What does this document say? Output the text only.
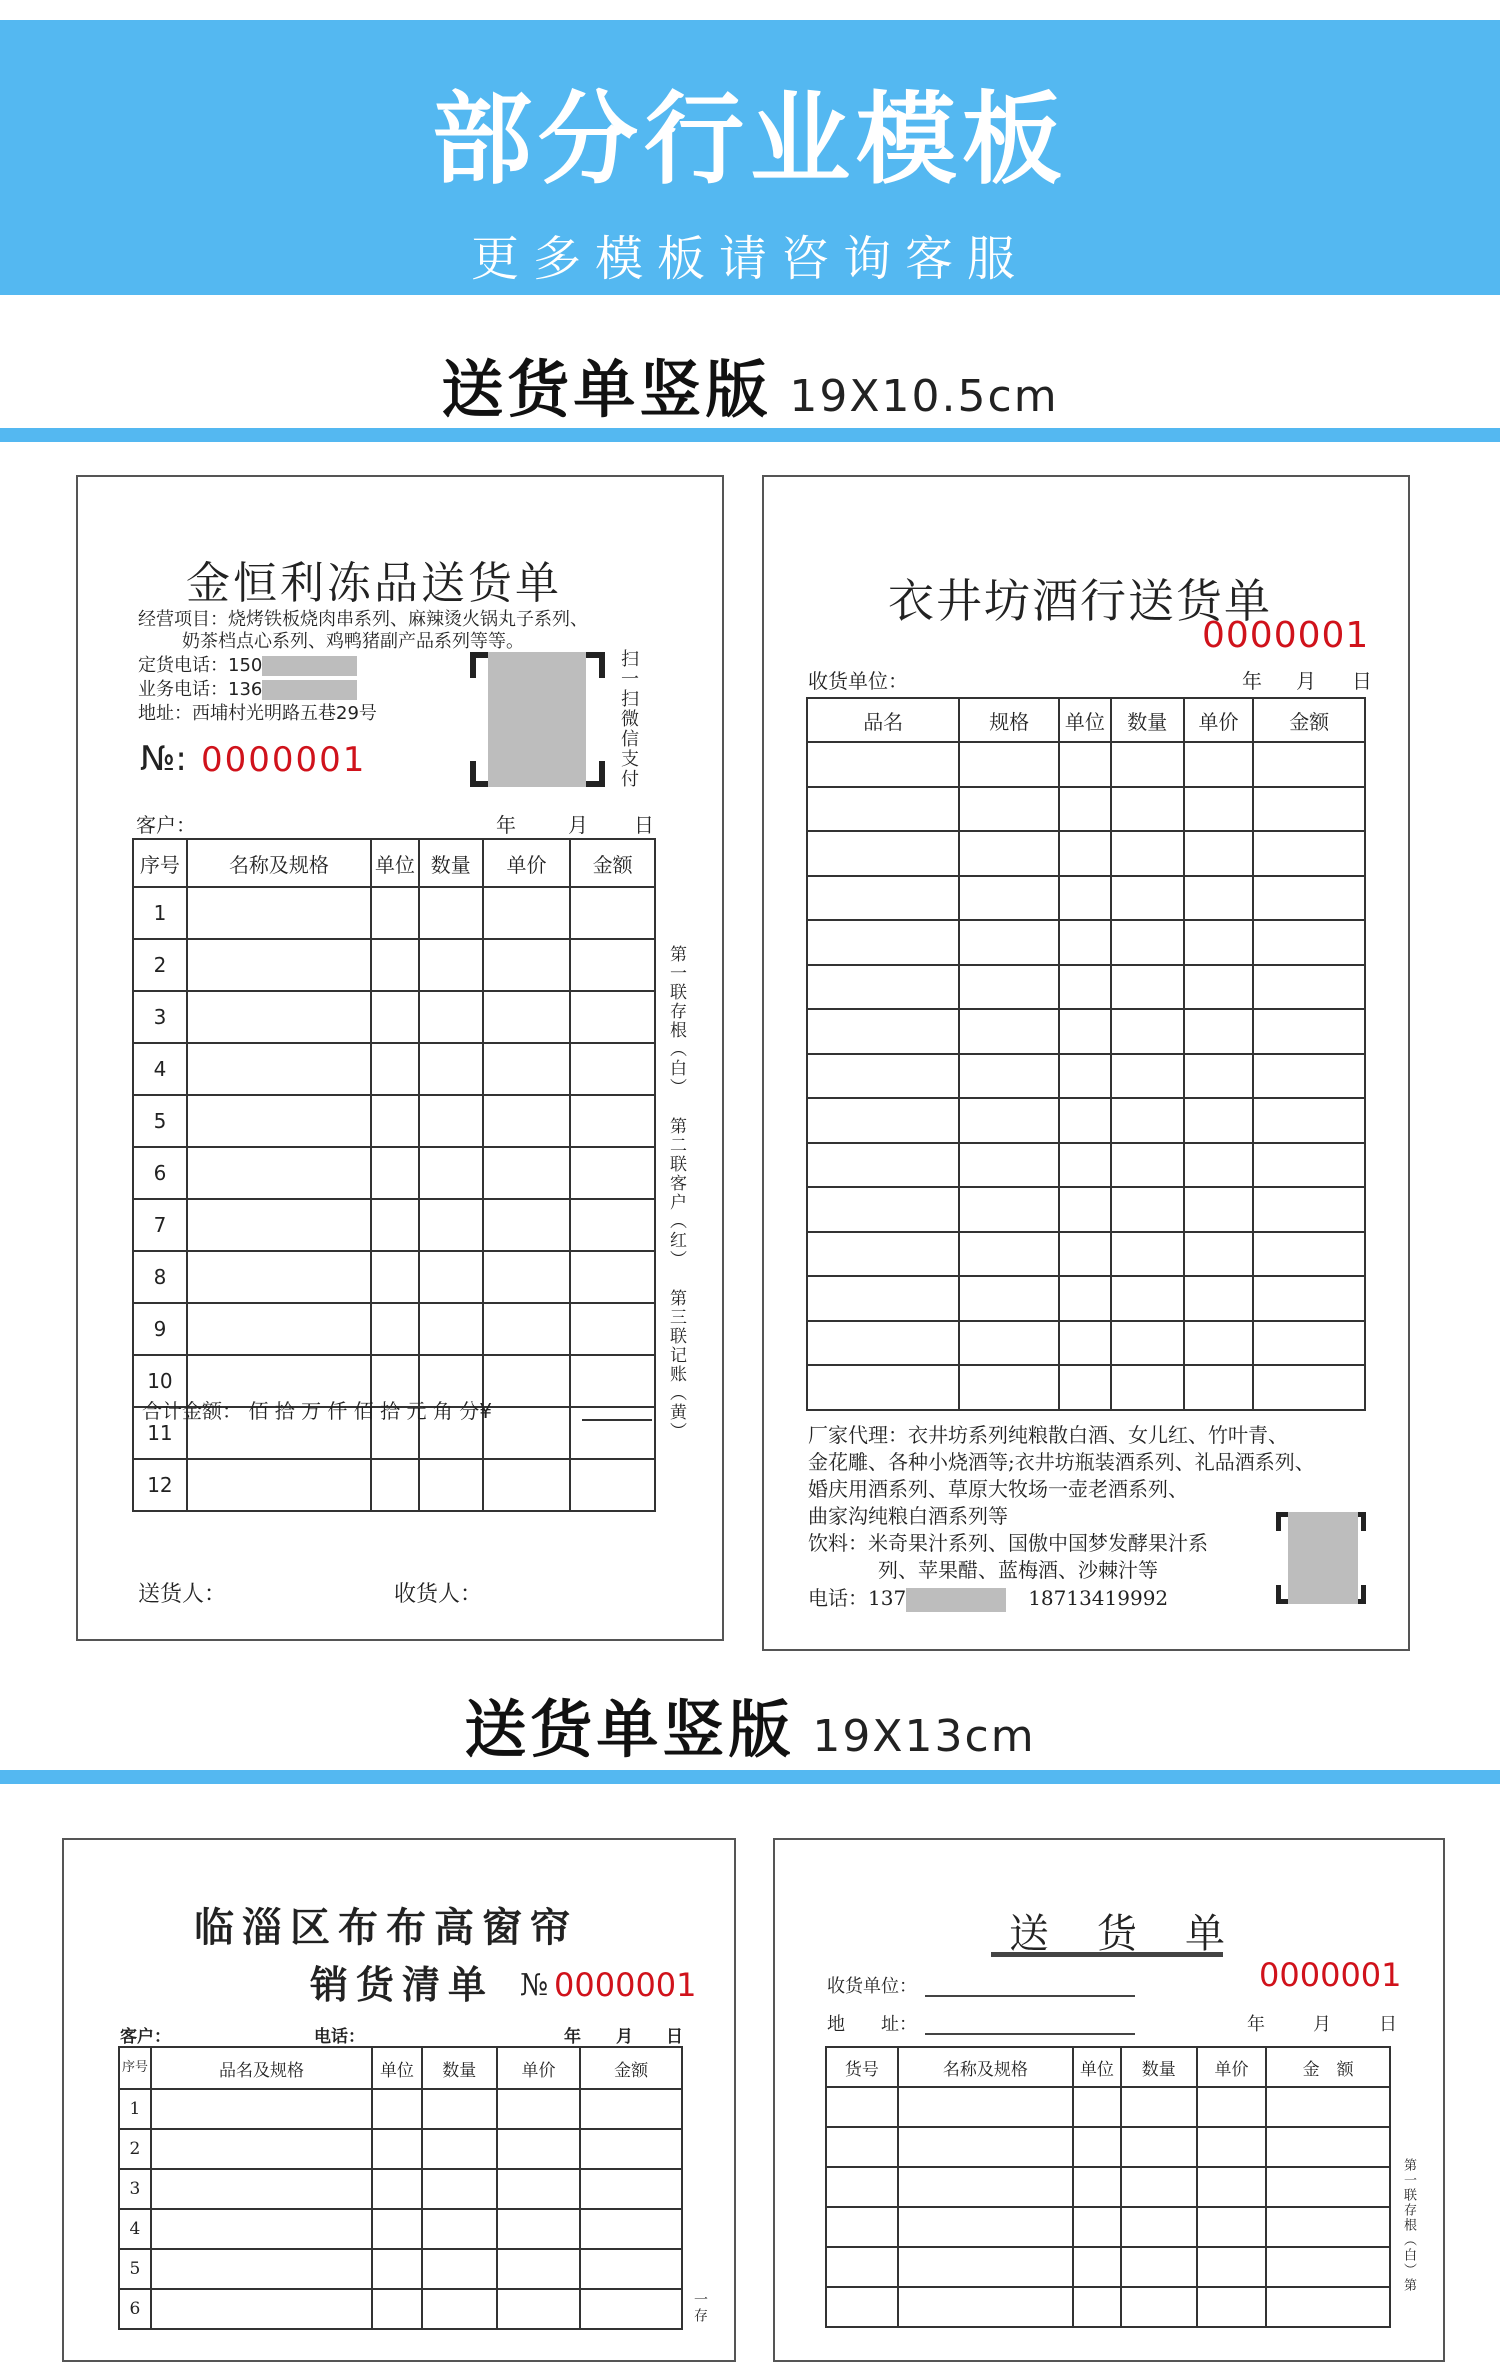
部分行业模板
更多模板请咨询客服
送货单竖版 19X10.5cm
金恒利冻品送货单
经营项目：烧烤铁板烧肉串系列、麻辣烫火锅丸子系列、
奶茶档点心系列、鸡鸭猪副产品系列等等。
定货电话：150
业务电话：136
地址：西埔村光明路五巷29号	扫一扫微信支付
№: 0000001
客户：	年	月 日
序号	名称及规格	单位	数量	单价	金额
1					
2					
3					
4					
5					
6					
7					
8					
9					
10					
11					
12					
合计金额： 佰 拾 万 仟 佰 拾 元 角 分¥
第一联存根（白）
第二联客户（红）
第三联记账（黄）
送货人：	收货人：
衣井坊酒行送货单
0000001
收货单位：	年 月 日
品名	规格	单位	数量	单价	金额

厂家代理：衣井坊系列纯粮散白酒、女儿红、竹叶青、
金花雕、各种小烧酒等;衣井坊瓶装酒系列、礼品酒系列、
婚庆用酒系列、草原大牧场一壶老酒系列、
曲家沟纯粮白酒系列等
饮料：米奇果汁系列、国傲中国梦发酵果汁系
列、苹果醋、蓝梅酒、沙棘汁等
电话：137	18713419992
送货单竖版 19X13cm
临淄区布布高窗帘
销货清单 № 0000001
客户：	电话：	年 月 日
序号	品名及规格	单位	数量	单价	金额
1					
2					
3					
4					
5					
6						一存
送　货　单
0000001
收货单位：
地　　址：	年	月	日
货号	名称及规格	单位	数量	单价	金　额

第一联存根（白）第
